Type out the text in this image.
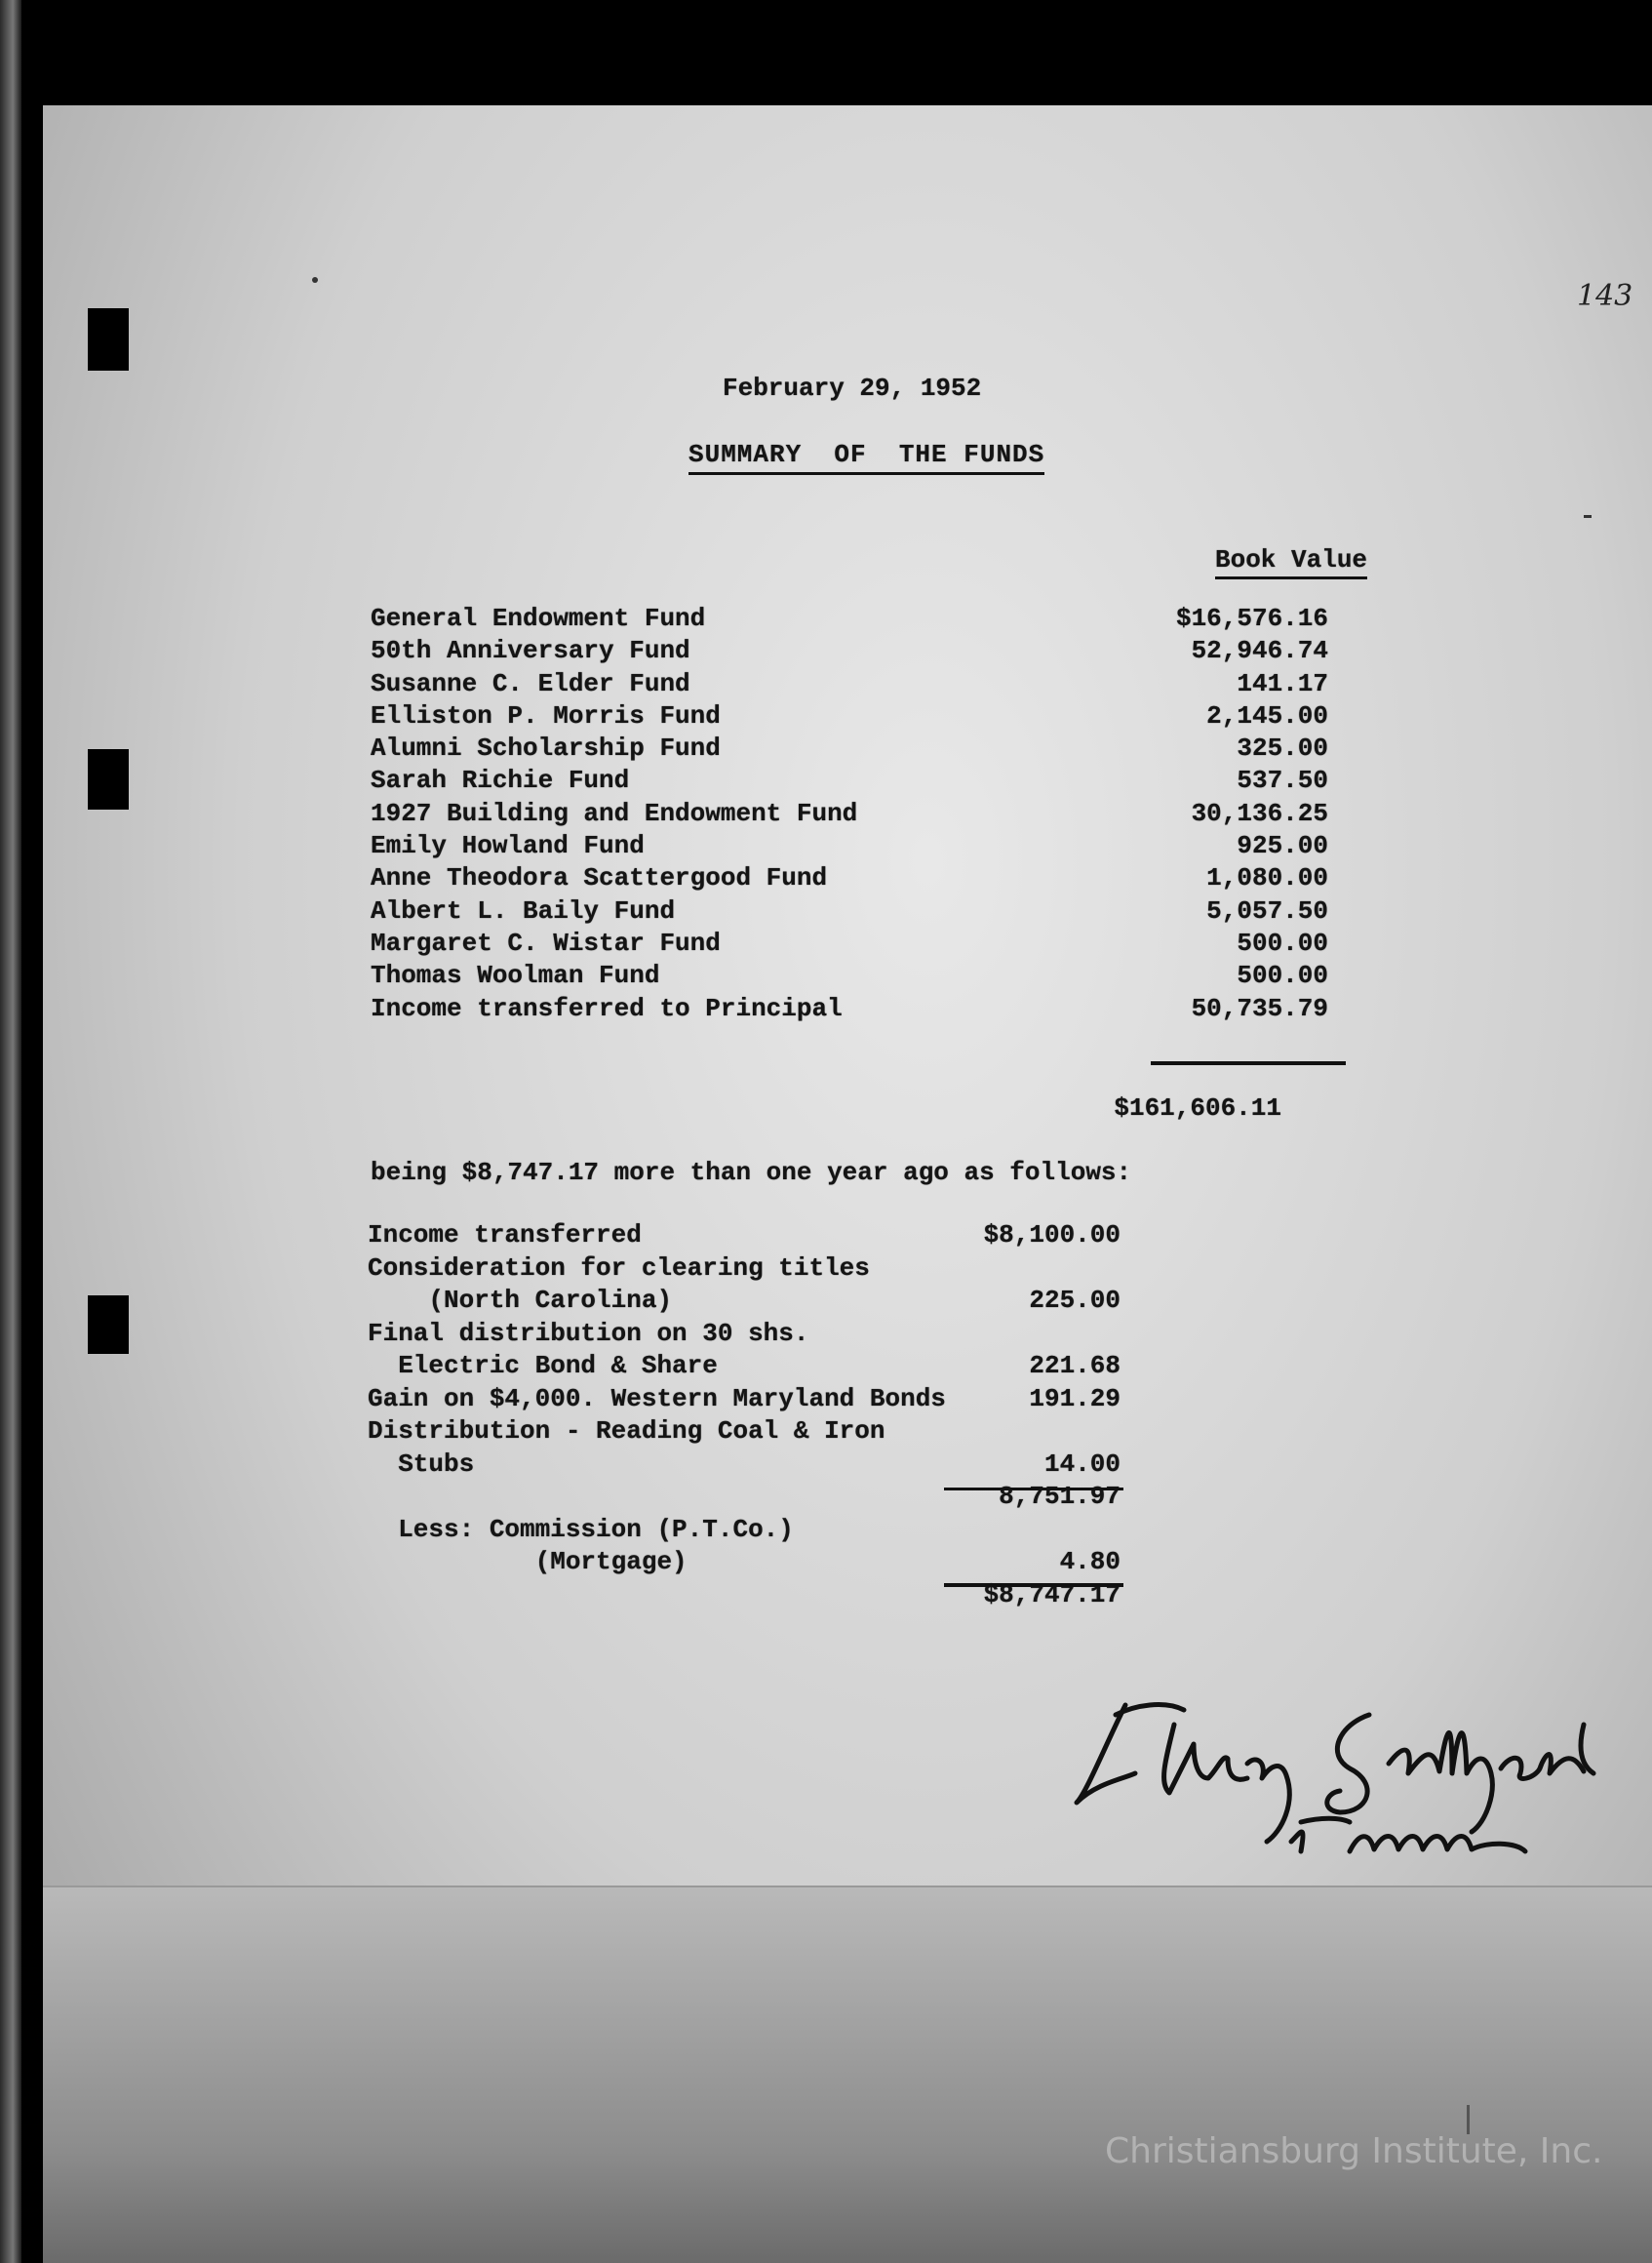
143
February 29, 1952
SUMMARY  OF  THE FUNDS
Book Value
General Endowment Fund	$16,576.16
50th Anniversary Fund	52,946.74
Susanne C. Elder Fund	141.17
Elliston P. Morris Fund	2,145.00
Alumni Scholarship Fund	325.00
Sarah Richie Fund	537.50
1927 Building and Endowment Fund	30,136.25
Emily Howland Fund	925.00
Anne Theodora Scattergood Fund	1,080.00
Albert L. Baily Fund	5,057.50
Margaret C. Wistar Fund	500.00
Thomas Woolman Fund	500.00
Income transferred to Principal	50,735.79
$161,606.11
being $8,747.17 more than one year ago as follows:
Income transferred	$8,100.00
Consideration for clearing titles
(North Carolina)	225.00
Final distribution on 30 shs.
Electric Bond & Share	221.68
Gain on $4,000. Western Maryland Bonds	191.29
Distribution - Reading Coal & Iron
Stubs	14.00
8,751.97
Less: Commission (P.T.Co.)
(Mortgage)	4.80
$8,747.17
Christiansburg Institute, Inc.
